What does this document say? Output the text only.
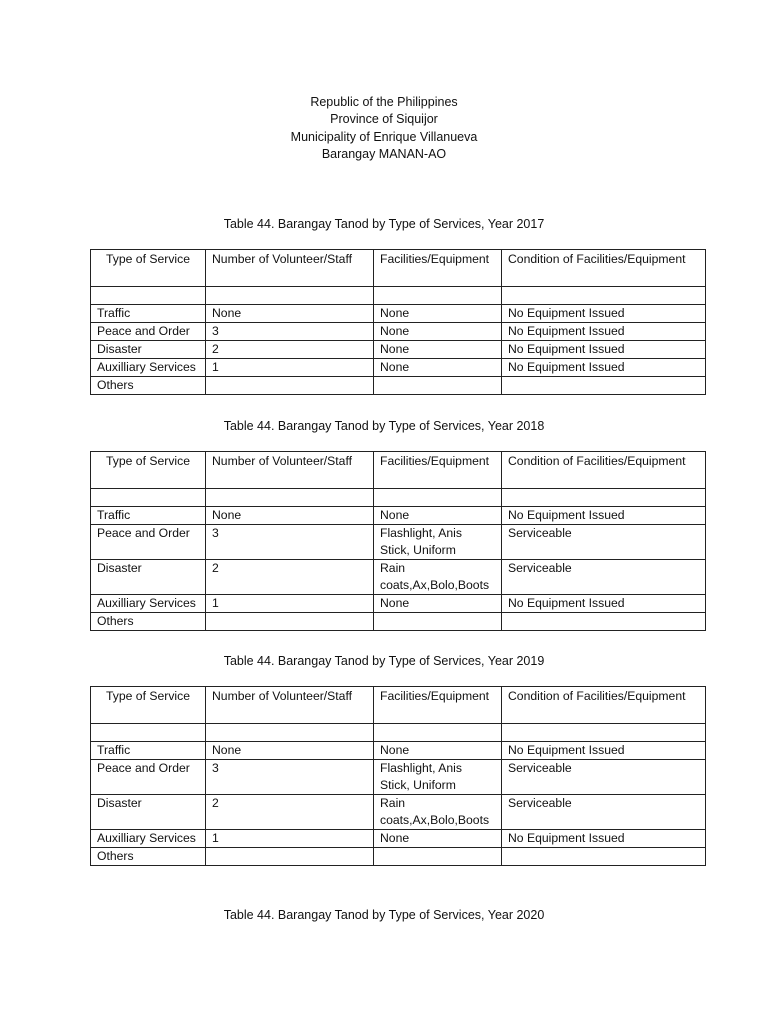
Republic of the Philippines
Province of Siquijor
Municipality of Enrique Villanueva
Barangay MANAN-AO
Table 44. Barangay Tanod by Type of Services, Year 2017
Type of Service	Number of Volunteer/Staff	Facilities/Equipment	Condition of Facilities/Equipment

Traffic	None	None	No Equipment Issued
Peace and Order	3	None	No Equipment Issued
Disaster	2	None	No Equipment Issued
Auxilliary Services	1	None	No Equipment Issued
Others			
Table 44. Barangay Tanod by Type of Services, Year 2018
Type of Service	Number of Volunteer/Staff	Facilities/Equipment	Condition of Facilities/Equipment

Traffic	None	None	No Equipment Issued
Peace and Order	3	Flashlight, Anis Stick, Uniform	Serviceable
Disaster	2	Rain coats,Ax,Bolo,Boots	Serviceable
Auxilliary Services	1	None	No Equipment Issued
Others			
Table 44. Barangay Tanod by Type of Services, Year 2019
Type of Service	Number of Volunteer/Staff	Facilities/Equipment	Condition of Facilities/Equipment

Traffic	None	None	No Equipment Issued
Peace and Order	3	Flashlight, Anis Stick, Uniform	Serviceable
Disaster	2	Rain coats,Ax,Bolo,Boots	Serviceable
Auxilliary Services	1	None	No Equipment Issued
Others			
Table 44. Barangay Tanod by Type of Services, Year 2020
